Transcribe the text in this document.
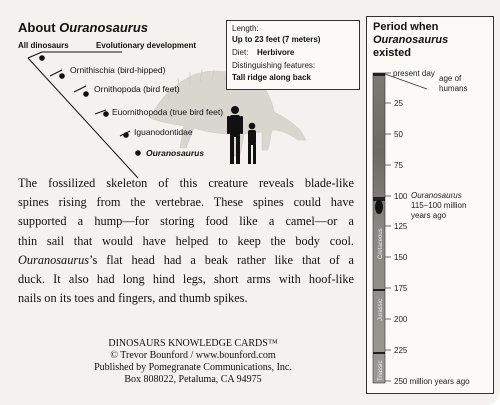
About Ouranosaurus
All dinosaurs	Evolutionary development
Ornithischia (bird-hipped)
Ornithopoda (bird feet)
Euornithopoda (true bird feet)
Iguanodontidae
Ouranosaurus
Length:
Up to 23 feet (7 meters)
Diet: Herbivore
Distinguishing features:
Tall ridge along back
The fossilized skeleton of this creature reveals blade-like
spines rising from the vertebrae. These spines could have
supported a hump—for storing food like a camel—or a
thin sail that would have helped to keep the body cool.
Ouranosaurus’s flat head had a beak rather like that of a
duck. It also had long hind legs, short arms with hoof-like
nails on its toes and fingers, and thumb spikes.
DINOSAURS KNOWLEDGE CARDS™
© Trevor Bounford / www.bounford.com
Published by Pomegranate Communications, Inc.
Box 808022, Petaluma, CA 94975
Period when
Ouranosaurus
existed
present day
age of
humans
25
50
75
100
125
150
175
200
225
250 million years ago
Ouranosaurus
115–100 million
years ago
Cretaceous
Jurassic
Triassic
